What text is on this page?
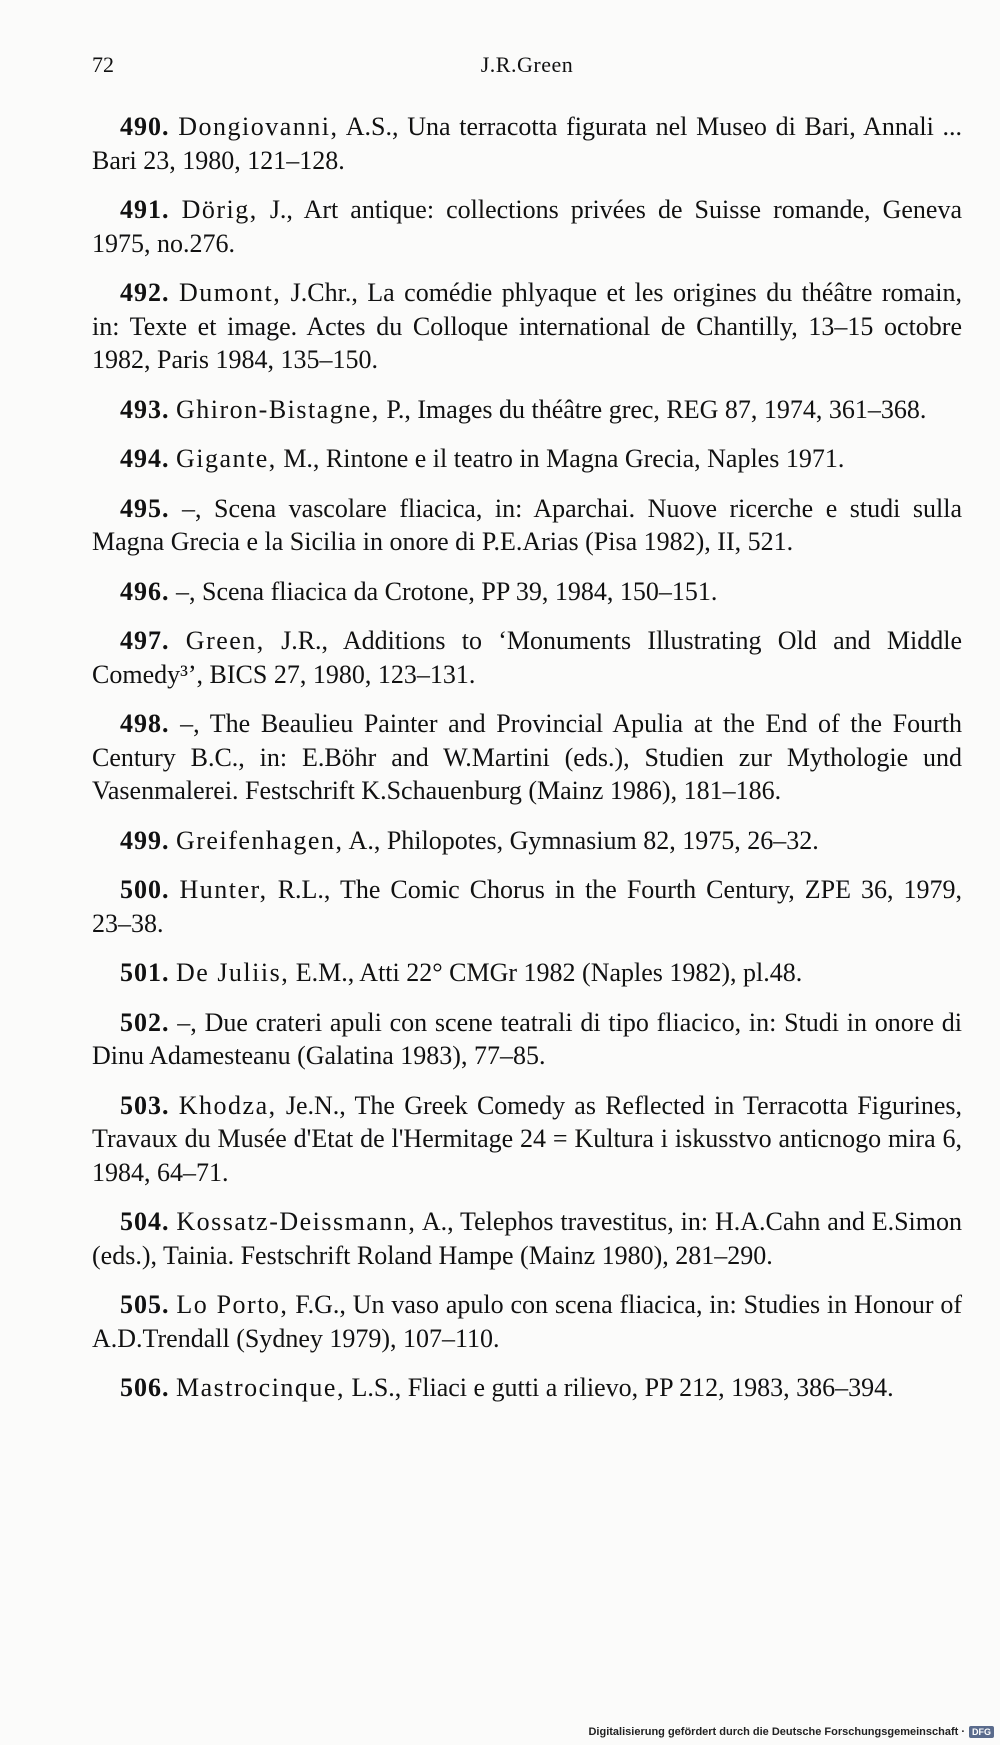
72	J.R.Green

490. Dongiovanni, A.S., Una terracotta figurata nel Museo di Bari, Annali ... Bari 23, 1980, 121–128.

491. Dörig, J., Art antique: collections privées de Suisse romande, Geneva 1975, no.276.

492. Dumont, J.Chr., La comédie phlyaque et les origines du théâtre romain, in: Texte et image. Actes du Colloque international de Chantilly, 13–15 octobre 1982, Paris 1984, 135–150.

493. Ghiron-Bistagne, P., Images du théâtre grec, REG 87, 1974, 361–368.

494. Gigante, M., Rintone e il teatro in Magna Grecia, Naples 1971.

495. –, Scena vascolare fliacica, in: Aparchai. Nuove ricerche e studi sulla Magna Grecia e la Sicilia in onore di P.E.Arias (Pisa 1982), II, 521.

496. –, Scena fliacica da Crotone, PP 39, 1984, 150–151.

497. Green, J.R., Additions to ‘Monuments Illustrating Old and Middle Comedy³’, BICS 27, 1980, 123–131.

498. –, The Beaulieu Painter and Provincial Apulia at the End of the Fourth Century B.C., in: E.Böhr and W.Martini (eds.), Studien zur Mythologie und Vasenmalerei. Festschrift K.Schauenburg (Mainz 1986), 181–186.

499. Greifenhagen, A., Philopotes, Gymnasium 82, 1975, 26–32.

500. Hunter, R.L., The Comic Chorus in the Fourth Century, ZPE 36, 1979, 23–38.

501. De Juliis, E.M., Atti 22° CMGr 1982 (Naples 1982), pl.48.

502. –, Due crateri apuli con scene teatrali di tipo fliacico, in: Studi in onore di Dinu Adamesteanu (Galatina 1983), 77–85.

503. Khodza, Je.N., The Greek Comedy as Reflected in Terracotta Figurines, Travaux du Musée d'Etat de l'Hermitage 24 = Kultura i iskusstvo anticnogo mira 6, 1984, 64–71.

504. Kossatz-Deissmann, A., Telephos travestitus, in: H.A.Cahn and E.Simon (eds.), Tainia. Festschrift Roland Hampe (Mainz 1980), 281–290.

505. Lo Porto, F.G., Un vaso apulo con scena fliacica, in: Studies in Honour of A.D.Trendall (Sydney 1979), 107–110.

506. Mastrocinque, L.S., Fliaci e gutti a rilievo, PP 212, 1983, 386–394.

Digitalisierung gefördert durch die Deutsche Forschungsgemeinschaft · DFG
